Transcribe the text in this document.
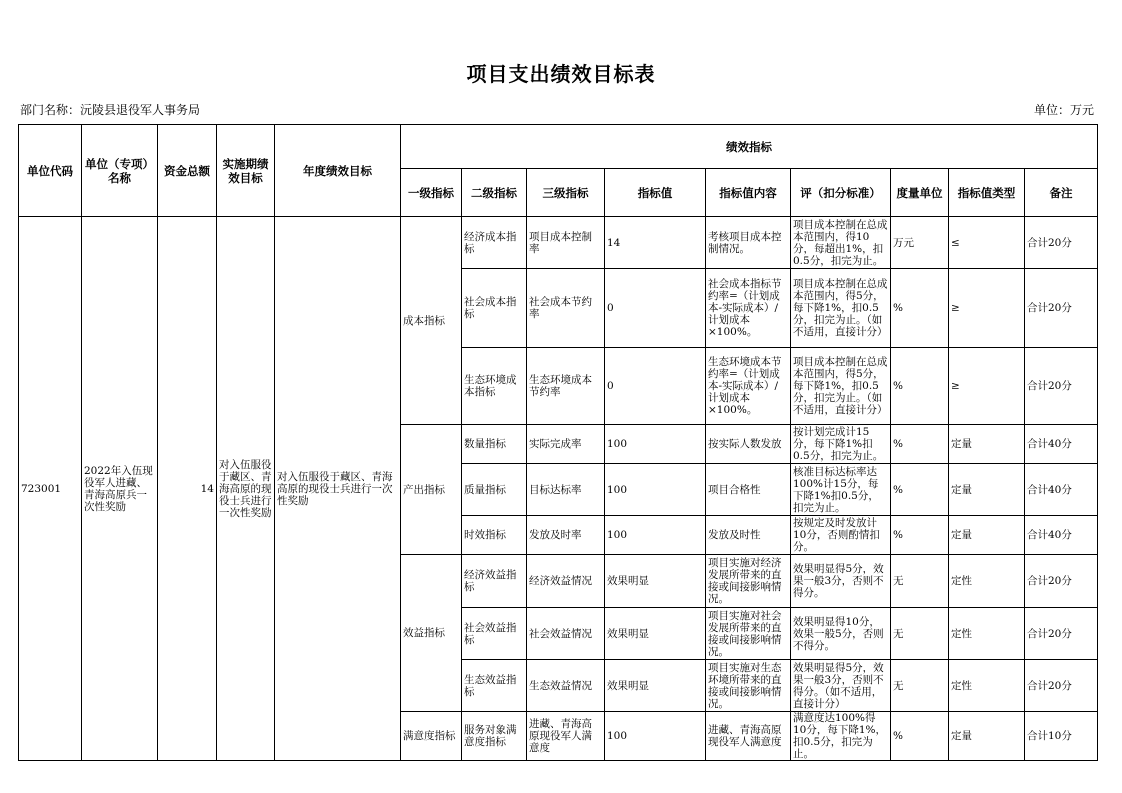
项目支出绩效目标表
部门名称：沅陵县退役军人事务局	单位：万元
单位代码	单位（专项）名称	资金总额	实施期绩效目标	年度绩效目标	绩效指标								
					一级指标	二级指标	三级指标	指标值	指标值内容	评（扣分标准）	度量单位	指标值类型	备注
723001	2022年入伍现役军人进藏、青海高原兵一次性奖励	14	对入伍服役于藏区、青海高原的现役士兵进行一次性奖励	对入伍服役于藏区、青海高原的现役士兵进行一次性奖励	成本指标	经济成本指标	项目成本控制率	14	考核项目成本控制情况。	项目成本控制在总成本范围内，得10分，每超出1%，扣0.5分，扣完为止。	万元	≤	合计20分
						社会成本指标	社会成本节约率	0	社会成本指标节约率=（计划成本-实际成本）/计划成本×100%。	项目成本控制在总成本范围内，得5分，每下降1%，扣0.5分，扣完为止。（如不适用，直接计分）	%	≥	合计20分
						生态环境成本指标	生态环境成本节约率	0	生态环境成本节约率=（计划成本-实际成本）/计划成本×100%。	项目成本控制在总成本范围内，得5分，每下降1%，扣0.5分，扣完为止。（如不适用，直接计分）	%	≥	合计20分
					产出指标	数量指标	实际完成率	100	按实际人数发放	按计划完成计15分，每下降1%扣0.5分，扣完为止。	%	定量	合计40分
						质量指标	目标达标率	100	项目合格性	核准目标达标率达100%计15分，每下降1%扣0.5分，扣完为止。	%	定量	合计40分
						时效指标	发放及时率	100	发放及时性	按规定及时发放计10分，否则酌情扣分。	%	定量	合计40分
					效益指标	经济效益指标	经济效益情况	效果明显	项目实施对经济发展所带来的直接或间接影响情况。	效果明显得5分，效果一般3分，否则不得分。	无	定性	合计20分
						社会效益指标	社会效益情况	效果明显	项目实施对社会发展所带来的直接或间接影响情况。	效果明显得10分，效果一般5分，否则不得分。	无	定性	合计20分
						生态效益指标	生态效益情况	效果明显	项目实施对生态环境所带来的直接或间接影响情况。	效果明显得5分，效果一般3分，否则不得分。（如不适用，直接计分）	无	定性	合计20分
					满意度指标	服务对象满意度指标	进藏、青海高原现役军人满意度	100	进藏、青海高原现役军人满意度	满意度达100%得10分，每下降1%，扣0.5分，扣完为止。	%	定量	合计10分
